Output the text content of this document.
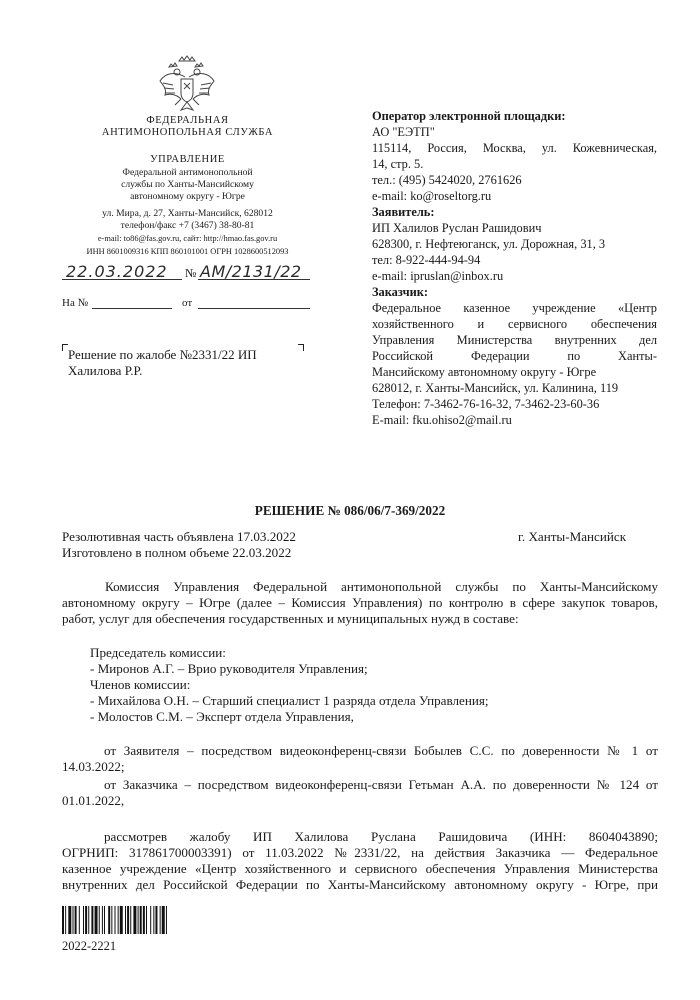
ФЕДЕРАЛЬНАЯ
АНТИМОНОПОЛЬНАЯ СЛУЖБА
УПРАВЛЕНИЕ
Федеральной антимонопольной
службы по Ханты-Мансийскому
автономному округу - Югре
ул. Мира, д. 27, Ханты-Мансийск, 628012
телефон/факс +7 (3467) 38-80-81
e-mail: to86@fas.gov.ru, сайт: http://hmao.fas.gov.ru
ИНН 8601009316 КПП 860101001 ОГРН 1028600512093
22.03.2022 № АМ/2131/22
На №	от
Решение по жалобе №2331/22 ИП
Халилова Р.Р.
Оператор электронной площадки:
АО "ЕЭТП"
115114, Россия, Москва, ул. Кожевническая,
14, стр. 5.
тел.: (495) 5424020, 2761626
e-mail: ko@roseltorg.ru
Заявитель:
ИП Халилов Руслан Рашидович
628300, г. Нефтеюганск, ул. Дорожная, 31, 3
тел: 8-922-444-94-94
e-mail: ipruslan@inbox.ru
Заказчик:
Федеральное казенное учреждение «Центр
хозяйственного и сервисного обеспечения
Управления Министерства внутренних дел
Российской Федерации по Ханты-
Мансийскому автономному округу - Югре
628012, г. Ханты-Мансийск, ул. Калинина, 119
Телефон: 7-3462-76-16-32, 7-3462-23-60-36
E-mail: fku.ohiso2@mail.ru
РЕШЕНИЕ № 086/06/7-369/2022
Резолютивная часть объявлена 17.03.2022	г. Ханты-Мансийск
Изготовлено в полном объеме 22.03.2022
Комиссия Управления Федеральной антимонопольной службы по Ханты-Мансийскому
автономному округу – Югре (далее – Комиссия Управления) по контролю в сфере закупок товаров,
работ, услуг для обеспечения государственных и муниципальных нужд в составе:
Председатель комиссии:
- Миронов А.Г. – Врио руководителя Управления;
Членов комиссии:
- Михайлова О.Н. – Старший специалист 1 разряда отдела Управления;
- Молостов С.М. – Эксперт отдела Управления,
от Заявителя – посредством видеоконференц-связи Бобылев С.С. по доверенности № 1 от
14.03.2022;
от Заказчика – посредством видеоконференц-связи Гетьман А.А. по доверенности № 124 от
01.01.2022,
рассмотрев жалобу ИП Халилова Руслана Рашидовича (ИНН: 8604043890;
ОГРНИП: 317861700003391) от 11.03.2022 №2331/22, на действия Заказчика — Федеральное
казенное учреждение «Центр хозяйственного и сервисного обеспечения Управления Министерства
внутренних дел Российской Федерации по Ханты-Мансийскому автономному округу - Югре, при
2022-2221
